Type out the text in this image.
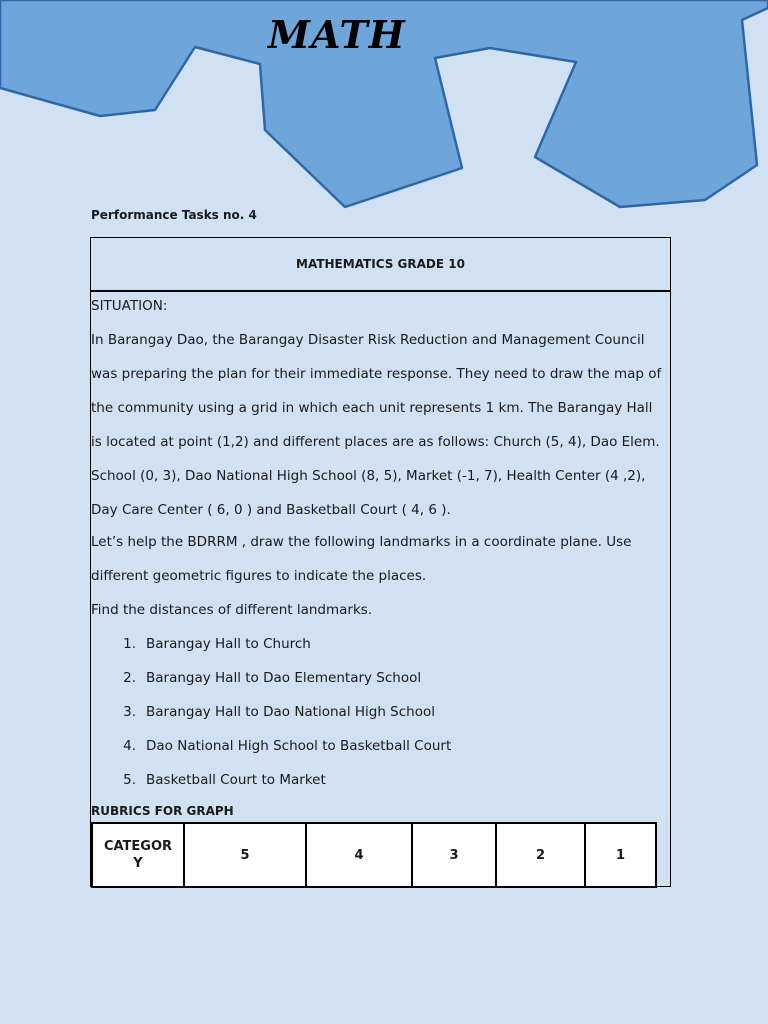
MATH

Performance Tasks no. 4

MATHEMATICS GRADE 10

SITUATION:

In Barangay Dao, the Barangay Disaster Risk Reduction and Management Council was preparing the plan for their immediate response. They need to draw the map of the community using a grid in which each unit represents 1 km. The Barangay Hall is located at point (1,2) and different places are as follows: Church (5, 4), Dao Elem. School (0, 3), Dao National High School (8, 5), Market (-1, 7), Health Center (4 ,2), Day Care Center ( 6, 0 ) and Basketball Court ( 4, 6 ).

Let’s help the BDRRM , draw the following landmarks in a coordinate plane. Use different geometric figures to indicate the places.

Find the distances of different landmarks.

1. Barangay Hall to Church
2. Barangay Hall to Dao Elementary School
3. Barangay Hall to Dao National High School
4. Dao National High School to Basketball Court
5. Basketball Court to Market

RUBRICS FOR GRAPH

CATEGOR Y	5	4	3	2	1
